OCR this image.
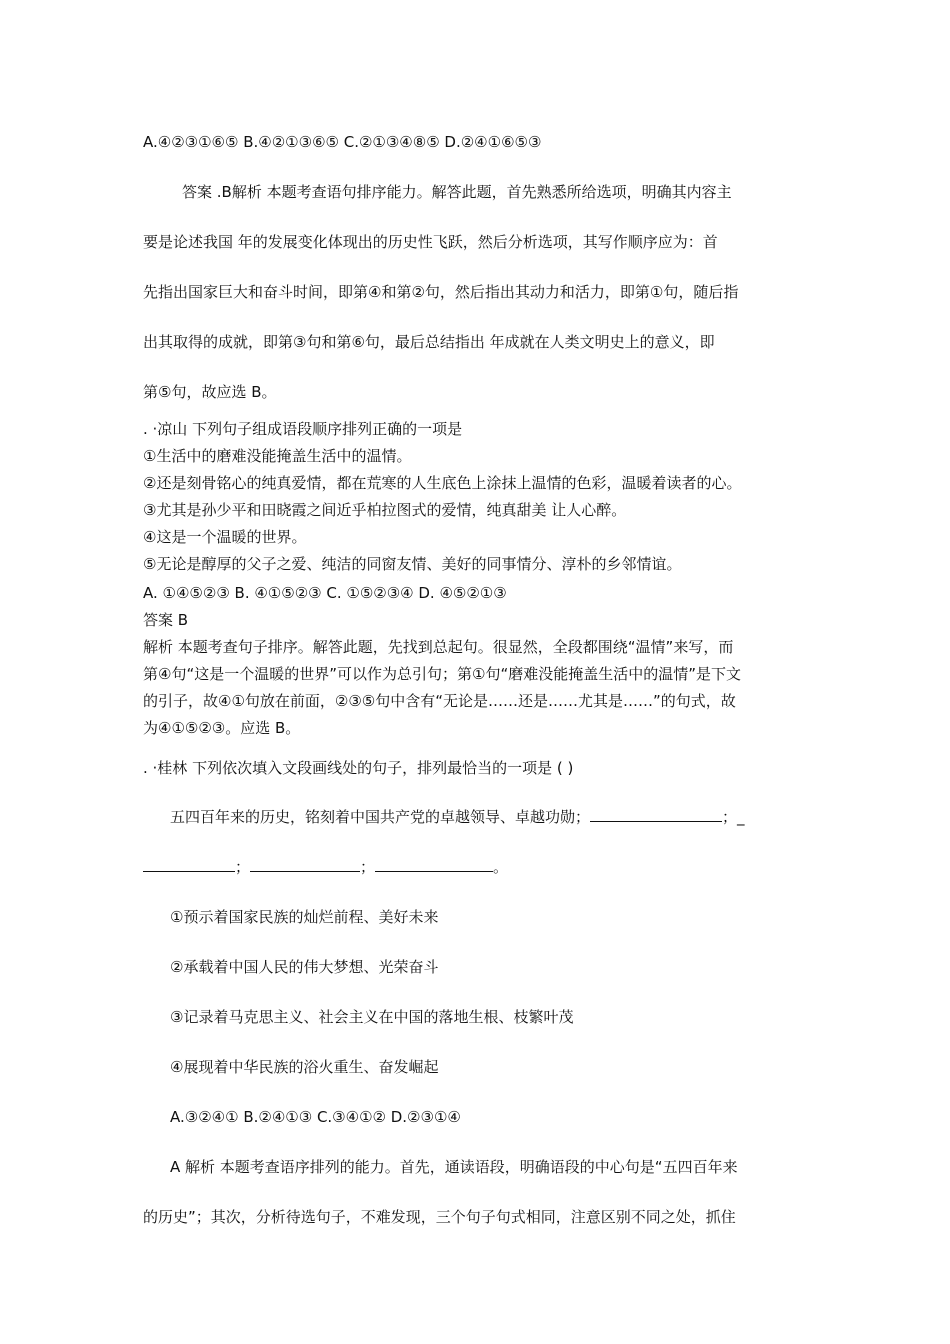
A.④②③①⑥⑤ B.④②①③⑥⑤ C.②①③④⑧⑤ D.②④①⑥⑤③
答案 .B解析 本题考查语句排序能力。解答此题，首先熟悉所给选项，明确其内容主
要是论述我国 年的发展变化体现出的历史性飞跃，然后分析选项，其写作顺序应为：首
先指出国家巨大和奋斗时间，即第④和第②句，然后指出其动力和活力，即第①句，随后指
出其取得的成就，即第③句和第⑥句，最后总结指出 年成就在人类文明史上的意义，即
第⑤句，故应选 B。
. ·凉山 下列句子组成语段顺序排列正确的一项是
①生活中的磨难没能掩盖生活中的温情。
②还是刻骨铭心的纯真爱情，都在荒寒的人生底色上涂抹上温情的色彩，温暖着读者的心。
③尤其是孙少平和田晓霞之间近乎柏拉图式的爱情，纯真甜美 让人心醉。
④这是一个温暖的世界。
⑤无论是醇厚的父子之爱、纯洁的同窗友情、美好的同事情分、淳朴的乡邻情谊。
A. ①④⑤②③ B. ④①⑤②③ C. ①⑤②③④ D. ④⑤②①③
答案 B
解析 本题考查句子排序。解答此题，先找到总起句。很显然，全段都围绕“温情”来写，而
第④句“这是一个温暖的世界”可以作为总引句；第①句“磨难没能掩盖生活中的温情”是下文
的引子，故④①句放在前面，②③⑤句中含有“无论是……还是……尤其是……”的句式，故
为④①⑤②③。应选 B。
. ·桂林 下列依次填入文段画线处的句子，排列最恰当的一项是 ( )
五四百年来的历史，铭刻着中国共产党的卓越领导、卓越功勋；	；_
；	；	。
①预示着国家民族的灿烂前程、美好未来
②承载着中国人民的伟大梦想、光荣奋斗
③记录着马克思主义、社会主义在中国的落地生根、枝繁叶茂
④展现着中华民族的浴火重生、奋发崛起
A.③②④① B.②④①③ C.③④①② D.②③①④
A 解析 本题考查语序排列的能力。首先，通读语段，明确语段的中心句是“五四百年来
的历史”；其次，分析待选句子，不难发现，三个句子句式相同，注意区别不同之处，抓住
